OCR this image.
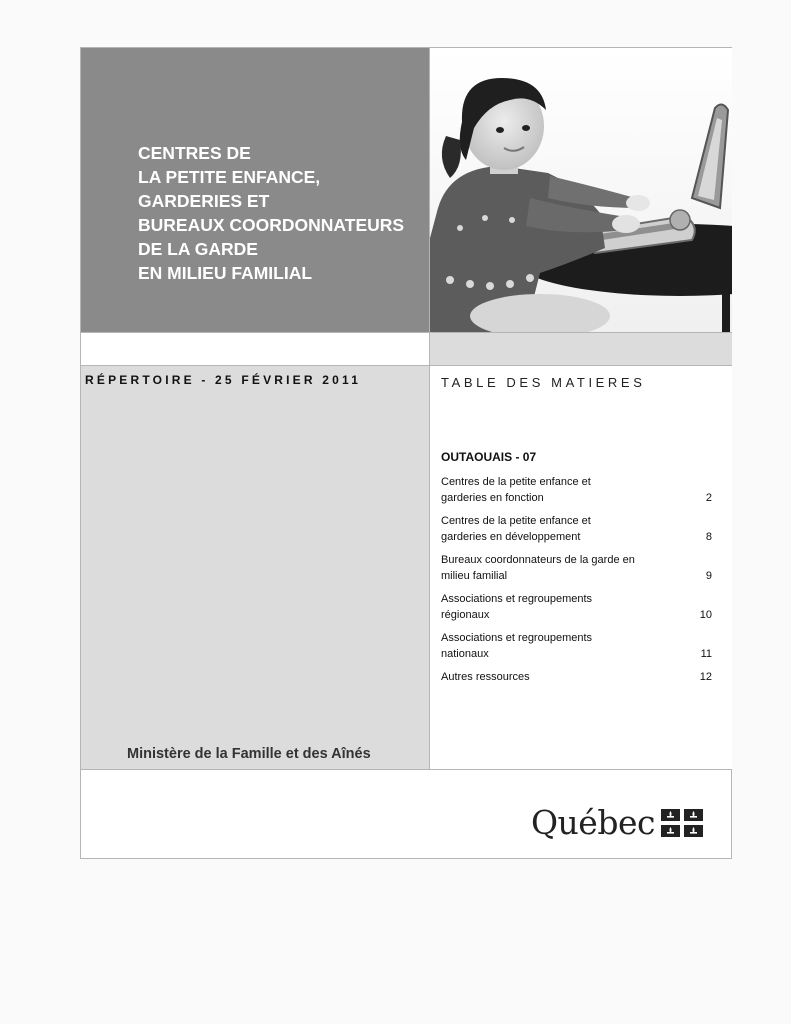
CENTRES DE
LA PETITE ENFANCE,
GARDERIES ET
BUREAUX COORDONNATEURS
DE LA GARDE
EN MILIEU FAMILIAL
RÉPERTOIRE - 25 FÉVRIER 2011
Ministère de la Famille et des Aînés
TABLE DES MATIERES
OUTAOUAIS - 07
Centres de la petite enfance et
garderies en fonction	2
Centres de la petite enfance et
garderies en développement	8
Bureaux coordonnateurs de la garde en
milieu familial	9
Associations et regroupements
régionaux	10
Associations et regroupements
nationaux	11
Autres ressources	12
Québec
